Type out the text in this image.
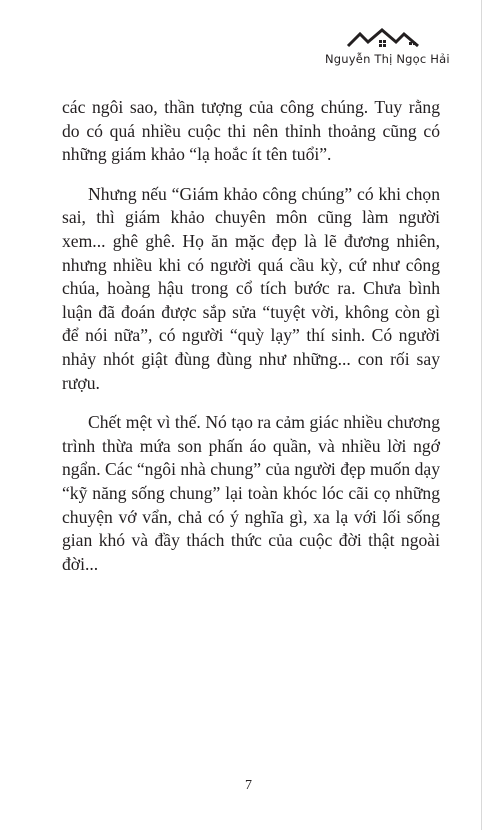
Nguyễn Thị Ngọc Hải

các ngôi sao, thần tượng của công chúng. Tuy rằng do có quá nhiều cuộc thi nên thỉnh thoảng cũng có những giám khảo “lạ hoắc ít tên tuổi”.

Nhưng nếu “Giám khảo công chúng” có khi chọn sai, thì giám khảo chuyên môn cũng làm người xem... ghê ghê. Họ ăn mặc đẹp là lẽ đương nhiên, nhưng nhiều khi có người quá cầu kỳ, cứ như công chúa, hoàng hậu trong cổ tích bước ra. Chưa bình luận đã đoán được sắp sửa “tuyệt vời, không còn gì để nói nữa”, có người “quỳ lạy” thí sinh. Có người nhảy nhót giật đùng đùng như những... con rối say rượu.

Chết mệt vì thế. Nó tạo ra cảm giác nhiều chương trình thừa mứa son phấn áo quần, và nhiều lời ngớ ngẩn. Các “ngôi nhà chung” của người đẹp muốn dạy “kỹ năng sống chung” lại toàn khóc lóc cãi cọ những chuyện vớ vẩn, chả có ý nghĩa gì, xa lạ với lối sống gian khó và đầy thách thức của cuộc đời thật ngoài đời...

7
